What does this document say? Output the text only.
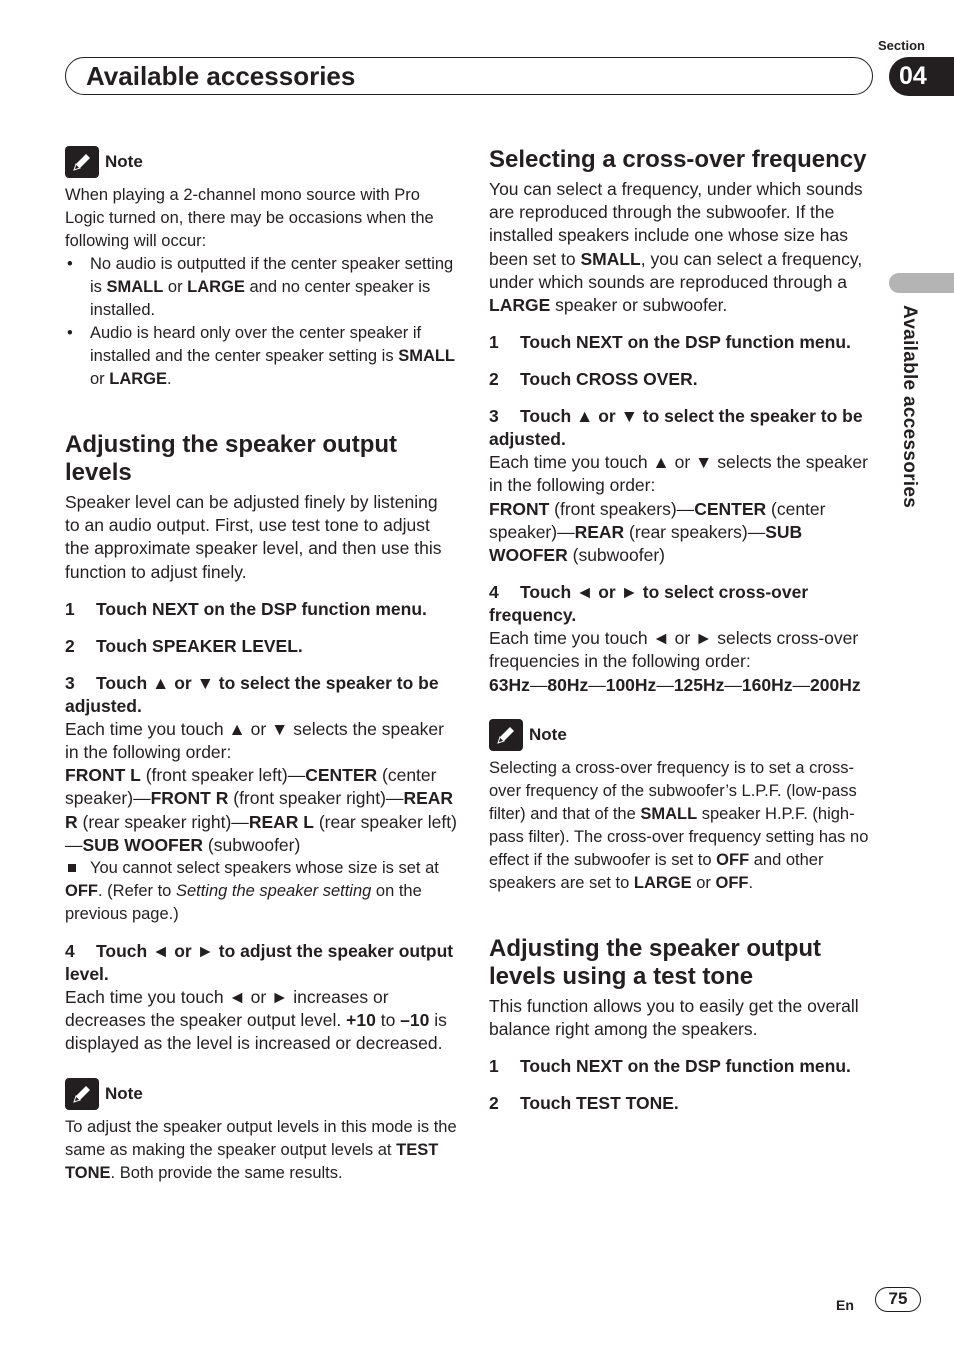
Section
Available accessories	04
Available accessories
Note

When playing a 2-channel mono source with Pro Logic turned on, there may be occasions when the following will occur:

• No audio is outputted if the center speaker setting is SMALL or LARGE and no center speaker is installed.
• Audio is heard only over the center speaker if installed and the center speaker setting is SMALL or LARGE.
Adjusting the speaker output levels

Speaker level can be adjusted finely by listening to an audio output. First, use test tone to adjust the approximate speaker level, and then use this function to adjust finely.

1 Touch NEXT on the DSP function menu.

2 Touch SPEAKER LEVEL.

3 Touch ▲ or ▼ to select the speaker to be adjusted.

Each time you touch ▲ or ▼ selects the speaker in the following order:

FRONT L (front speaker left)—CENTER (center speaker)—FRONT R (front speaker right)—REAR R (rear speaker right)—REAR L (rear speaker left)—SUB WOOFER (subwoofer)

You cannot select speakers whose size is set at OFF. (Refer to Setting the speaker setting on the previous page.)

4 Touch ◄ or ► to adjust the speaker output level.

Each time you touch ◄ or ► increases or decreases the speaker output level. +10 to –10 is displayed as the level is increased or decreased.

Note

To adjust the speaker output levels in this mode is the same as making the speaker output levels at TEST TONE. Both provide the same results.

Selecting a cross-over frequency

You can select a frequency, under which sounds are reproduced through the subwoofer. If the installed speakers include one whose size has been set to SMALL, you can select a frequency, under which sounds are reproduced through a LARGE speaker or subwoofer.

1 Touch NEXT on the DSP function menu.

2 Touch CROSS OVER.

3 Touch ▲ or ▼ to select the speaker to be adjusted.

Each time you touch ▲ or ▼ selects the speaker in the following order:

FRONT (front speakers)—CENTER (center speaker)—REAR (rear speakers)—SUB WOOFER (subwoofer)

4 Touch ◄ or ► to select cross-over frequency.

Each time you touch ◄ or ► selects cross-over frequencies in the following order:

63Hz—80Hz—100Hz—125Hz—160Hz—200Hz

Note

Selecting a cross-over frequency is to set a cross-over frequency of the subwoofer’s L.P.F. (low-pass filter) and that of the SMALL speaker H.P.F. (high-pass filter). The cross-over frequency setting has no effect if the subwoofer is set to OFF and other speakers are set to LARGE or OFF.

Adjusting the speaker output levels using a test tone

This function allows you to easily get the overall balance right among the speakers.

1 Touch NEXT on the DSP function menu.

2 Touch TEST TONE.

En	75
